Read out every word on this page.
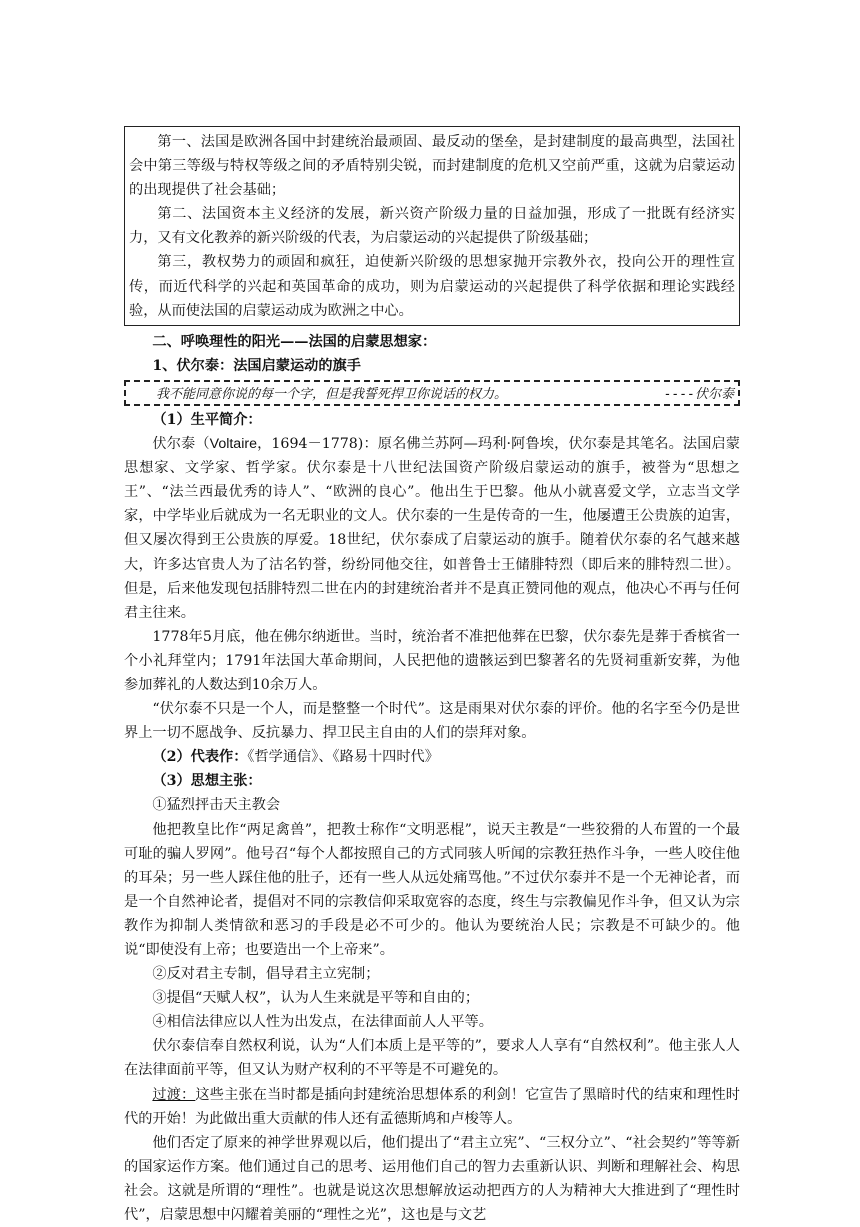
第一、法国是欧洲各国中封建统治最顽固、最反动的堡垒，是封建制度的最高典型，法国社会中第三等级与特权等级之间的矛盾特别尖锐，而封建制度的危机又空前严重，这就为启蒙运动的出现提供了社会基础；

第二、法国资本主义经济的发展，新兴资产阶级力量的日益加强，形成了一批既有经济实力，又有文化教养的新兴阶级的代表，为启蒙运动的兴起提供了阶级基础；

第三，教权势力的顽固和疯狂，迫使新兴阶级的思想家抛开宗教外衣，投向公开的理性宣传，而近代科学的兴起和英国革命的成功，则为启蒙运动的兴起提供了科学依据和理论实践经验，从而使法国的启蒙运动成为欧洲之中心。

二、呼唤理性的阳光——法国的启蒙思想家：

1、伏尔泰：法国启蒙运动的旗手

我不能同意你说的每一个字，但是我誓死捍卫你说话的权力。	----伏尔泰

（1）生平简介：

伏尔泰（Voltaire，1694－1778)：原名佛兰苏阿—玛利·阿鲁埃，伏尔泰是其笔名。法国启蒙思想家、文学家、哲学家。伏尔泰是十八世纪法国资产阶级启蒙运动的旗手，被誉为“思想之王”、“法兰西最优秀的诗人”、“欧洲的良心”。他出生于巴黎。他从小就喜爱文学，立志当文学家，中学毕业后就成为一名无职业的文人。伏尔泰的一生是传奇的一生，他屡遭王公贵族的迫害，但又屡次得到王公贵族的厚爱。18世纪，伏尔泰成了启蒙运动的旗手。随着伏尔泰的名气越来越大，许多达官贵人为了沽名钓誉，纷纷同他交往，如普鲁士王储腓特烈（即后来的腓特烈二世）。但是，后来他发现包括腓特烈二世在内的封建统治者并不是真正赞同他的观点，他决心不再与任何君主往来。

1778年5月底，他在佛尔纳逝世。当时，统治者不准把他葬在巴黎，伏尔泰先是葬于香槟省一个小礼拜堂内；1791年法国大革命期间，人民把他的遗骸运到巴黎著名的先贤祠重新安葬，为他参加葬礼的人数达到10余万人。

“伏尔泰不只是一个人，而是整整一个时代”。这是雨果对伏尔泰的评价。他的名字至今仍是世界上一切不愿战争、反抗暴力、捍卫民主自由的人们的崇拜对象。

（2）代表作：《哲学通信》、《路易十四时代》

（3）思想主张：

①猛烈抨击天主教会

他把教皇比作“两足禽兽”，把教士称作“文明恶棍”，说天主教是“一些狡猾的人布置的一个最可耻的骗人罗网”。他号召“每个人都按照自己的方式同骇人听闻的宗教狂热作斗争，一些人咬住他的耳朵；另一些人踩住他的肚子，还有一些人从远处痛骂他。”不过伏尔泰并不是一个无神论者，而是一个自然神论者，提倡对不同的宗教信仰采取宽容的态度，终生与宗教偏见作斗争，但又认为宗教作为抑制人类情欲和恶习的手段是必不可少的。他认为要统治人民；宗教是不可缺少的。他说“即使没有上帝；也要造出一个上帝来”。

②反对君主专制，倡导君主立宪制；

③提倡“天赋人权”，认为人生来就是平等和自由的；

④相信法律应以人性为出发点，在法律面前人人平等。

伏尔泰信奉自然权利说，认为“人们本质上是平等的”，要求人人享有“自然权利”。他主张人人在法律面前平等，但又认为财产权利的不平等是不可避免的。

过渡：这些主张在当时都是插向封建统治思想体系的利剑！它宣告了黑暗时代的结束和理性时代的开始！为此做出重大贡献的伟人还有孟德斯鸠和卢梭等人。

他们否定了原来的神学世界观以后，他们提出了“君主立宪”、“三权分立”、“社会契约”等等新的国家运作方案。他们通过自己的思考、运用他们自己的智力去重新认识、判断和理解社会、构思社会。这就是所谓的“理性”。也就是说这次思想解放运动把西方的人为精神大大推进到了“理性时代”，启蒙思想中闪耀着美丽的“理性之光”，这也是与文艺
